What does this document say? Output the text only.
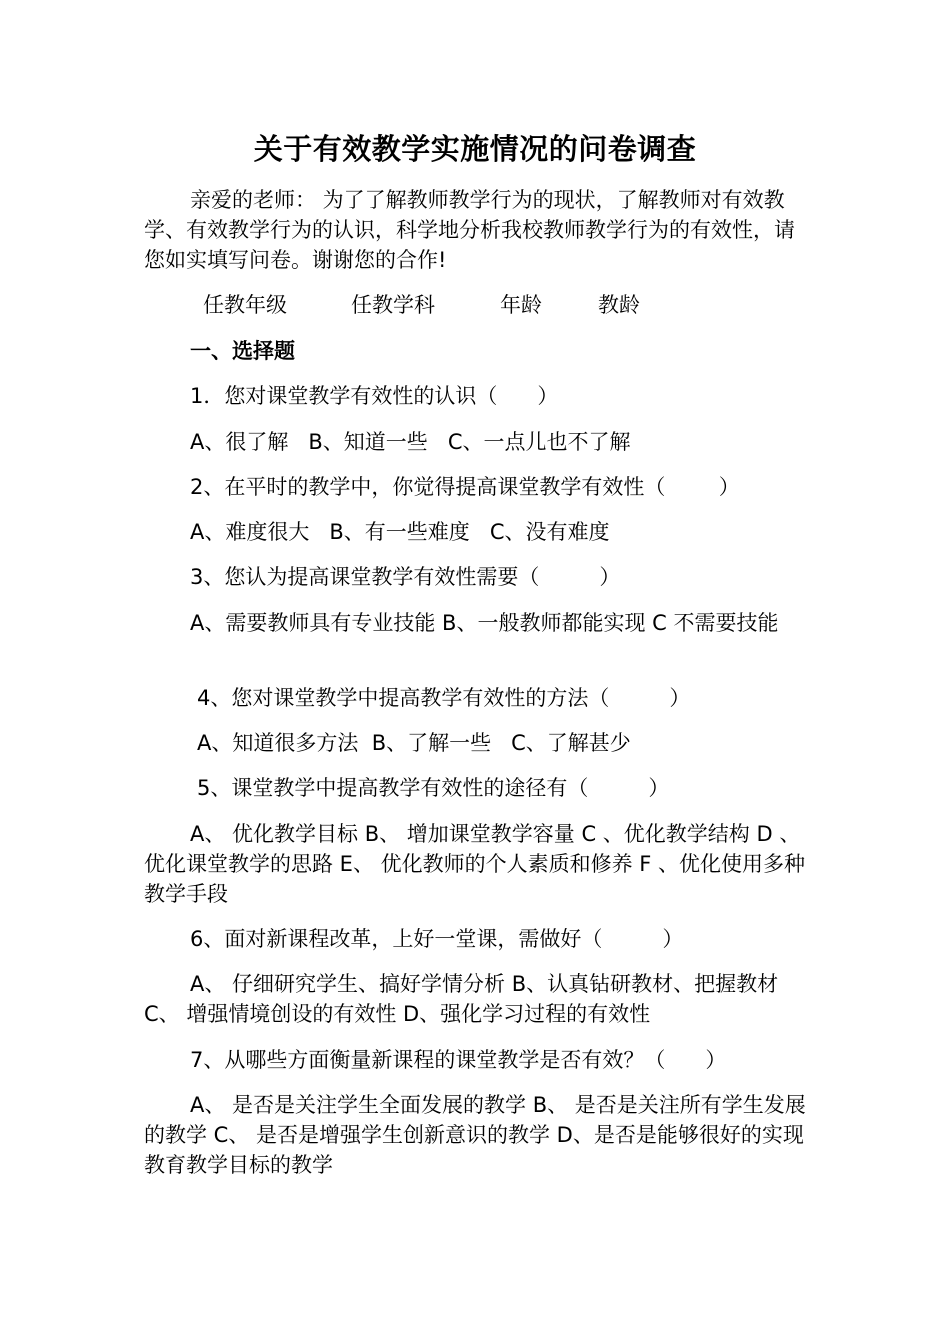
关于有效教学实施情况的问卷调查

亲爱的老师： 为了了解教师教学行为的现状，了解教师对有效教学、有效教学行为的认识，科学地分析我校教师教学行为的有效性，请您如实填写问卷。谢谢您的合作!

任教年级	任教学科	年龄	教龄
一、选择题
1．您对课堂教学有效性的认识（      ）
A、很了解   B、知道一些   C、一点儿也不了解
2、在平时的教学中，你觉得提高课堂教学有效性（        ）
A、难度很大   B、有一些难度   C、没有难度
3、您认为提高课堂教学有效性需要（         ）

A、需要教师具有专业技能 B、一般教师都能实现 C 不需要技能

4、您对课堂教学中提高教学有效性的方法（         ）
A、知道很多方法  B、了解一些   C、了解甚少
5、课堂教学中提高教学有效性的途径有（         ）

A、 优化教学目标 B、 增加课堂教学容量 C 、优化教学结构 D 、优化课堂教学的思路 E、 优化教师的个人素质和修养 F 、优化使用多种教学手段

6、面对新课程改革，上好一堂课，需做好（         ）

A、 仔细研究学生、搞好学情分析 B、认真钻研教材、把握教材 C、 增强情境创设的有效性 D、强化学习过程的有效性

7、从哪些方面衡量新课程的课堂教学是否有效？（      ）

A、 是否是关注学生全面发展的教学 B、 是否是关注所有学生发展的教学 C、 是否是增强学生创新意识的教学 D、是否是能够很好的实现教育教学目标的教学
